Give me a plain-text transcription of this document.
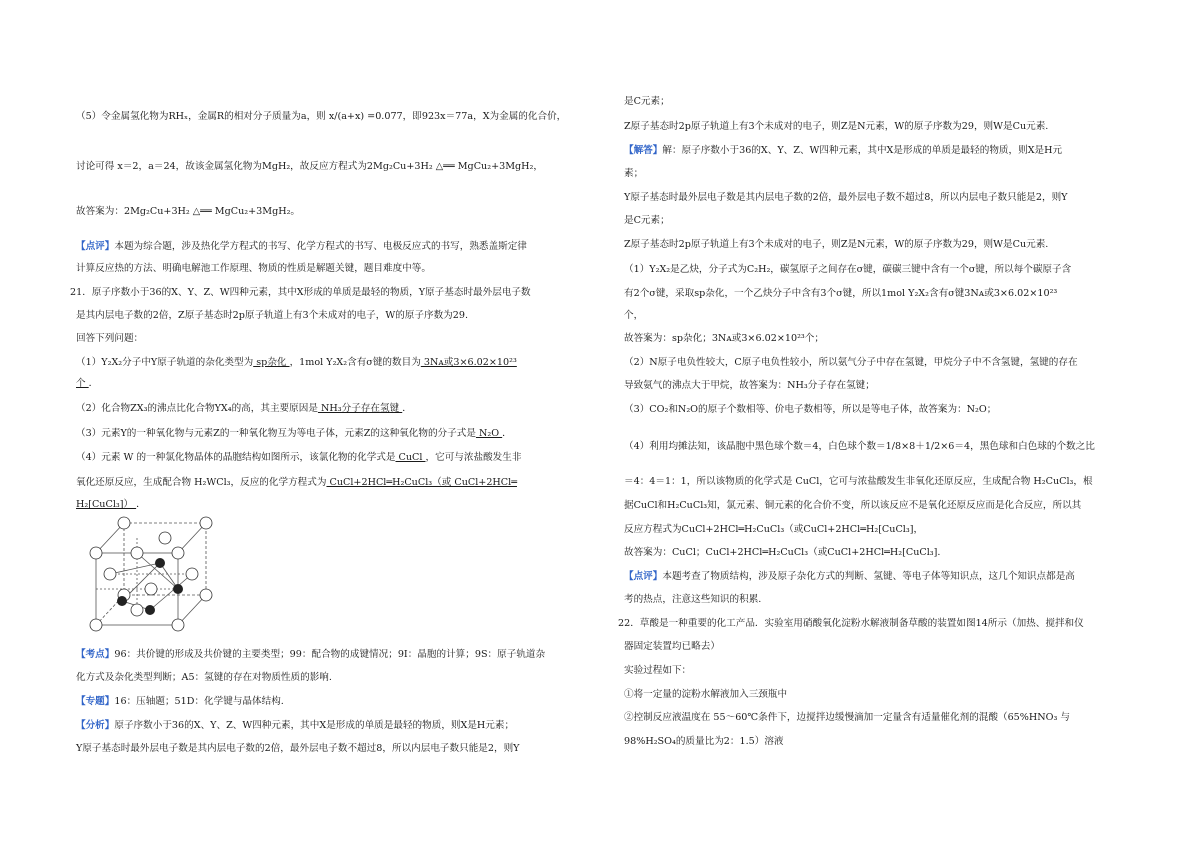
（5）令金属氢化物为RHₓ，金属R的相对分子质量为a，则 x/(a+x) =0.077，即923x＝77a，X为金属的化合价，
讨论可得 x＝2，a＝24，故该金属氢化物为MgH₂，故反应方程式为2Mg₂Cu+3H₂ △══ MgCu₂+3MgH₂，
故答案为：2Mg₂Cu+3H₂ △══ MgCu₂+3MgH₂。
【点评】本题为综合题，涉及热化学方程式的书写、化学方程式的书写、电极反应式的书写，熟悉盖斯定律
计算反应热的方法、明确电解池工作原理、物质的性质是解题关键，题目难度中等。
21．原子序数小于36的X、Y、Z、W四种元素，其中X形成的单质是最轻的物质，Y原子基态时最外层电子数
是其内层电子数的2倍，Z原子基态时2p原子轨道上有3个未成对的电子，W的原子序数为29.
回答下列问题：
（1）Y₂X₂分子中Y原子轨道的杂化类型为 sp杂化 ，1mol Y₂X₂含有σ键的数目为 3Nᴀ或3×6.02×10²³
个 ．
（2）化合物ZX₃的沸点比化合物YX₄的高，其主要原因是 NH₃分子存在氢键 ．
（3）元素Y的一种氧化物与元素Z的一种氧化物互为等电子体，元素Z的这种氧化物的分子式是 N₂O ．
（4）元素 W 的一种氯化物晶体的晶胞结构如图所示，该氯化物的化学式是 CuCl ，它可与浓盐酸发生非
氧化还原反应，生成配合物 H₂WCl₃，反应的化学方程式为 CuCl+2HCl═H₂CuCl₃（或 CuCl+2HCl═
H₂[CuCl₃]） ．
【考点】96：共价键的形成及共价键的主要类型；99：配合物的成键情况；9I：晶胞的计算；9S：原子轨道杂
化方式及杂化类型判断；A5：氢键的存在对物质性质的影响.
【专题】16：压轴题；51D：化学键与晶体结构.
【分析】原子序数小于36的X、Y、Z、W四种元素，其中X是形成的单质是最轻的物质，则X是H元素；
Y原子基态时最外层电子数是其内层电子数的2倍，最外层电子数不超过8，所以内层电子数只能是2，则Y
是C元素；
Z原子基态时2p原子轨道上有3个未成对的电子，则Z是N元素，W的原子序数为29，则W是Cu元素.
【解答】解：原子序数小于36的X、Y、Z、W四种元素，其中X是形成的单质是最轻的物质，则X是H元
素；
Y原子基态时最外层电子数是其内层电子数的2倍，最外层电子数不超过8，所以内层电子数只能是2，则Y
是C元素；
Z原子基态时2p原子轨道上有3个未成对的电子，则Z是N元素，W的原子序数为29，则W是Cu元素.
（1）Y₂X₂是乙炔，分子式为C₂H₂，碳氢原子之间存在σ键，碳碳三键中含有一个σ键，所以每个碳原子含
有2个σ键，采取sp杂化，一个乙炔分子中含有3个σ键，所以1mol Y₂X₂含有σ键3Nᴀ或3×6.02×10²³
个，
故答案为：sp杂化；3Nᴀ或3×6.02×10²³个；
（2）N原子电负性较大，C原子电负性较小，所以氨气分子中存在氢键，甲烷分子中不含氢键，氢键的存在
导致氨气的沸点大于甲烷，故答案为：NH₃分子存在氢键；
（3）CO₂和N₂O的原子个数相等、价电子数相等，所以是等电子体，故答案为：N₂O；
（4）利用均摊法知，该晶胞中黑色球个数＝4，白色球个数＝1/8×8＋1/2×6＝4，黑色球和白色球的个数之比
＝4：4＝1：1，所以该物质的化学式是 CuCl，它可与浓盐酸发生非氧化还原反应，生成配合物 H₂CuCl₃，根
据CuCl和H₂CuCl₃知，氯元素、铜元素的化合价不变，所以该反应不是氧化还原反应而是化合反应，所以其
反应方程式为CuCl+2HCl═H₂CuCl₃（或CuCl+2HCl═H₂[CuCl₃]，
故答案为：CuCl；CuCl+2HCl═H₂CuCl₃（或CuCl+2HCl═H₂[CuCl₃].
【点评】本题考查了物质结构，涉及原子杂化方式的判断、氢键、等电子体等知识点，这几个知识点都是高
考的热点，注意这些知识的积累.
22．草酸是一种重要的化工产品．实验室用硝酸氧化淀粉水解液制备草酸的装置如图14所示（加热、搅拌和仪
器固定装置均已略去）
实验过程如下：
①将一定量的淀粉水解液加入三颈瓶中
②控制反应液温度在 55～60℃条件下，边搅拌边缓慢滴加一定量含有适量催化剂的混酸（65%HNO₃ 与
98%H₂SO₄的质量比为2：1.5）溶液
